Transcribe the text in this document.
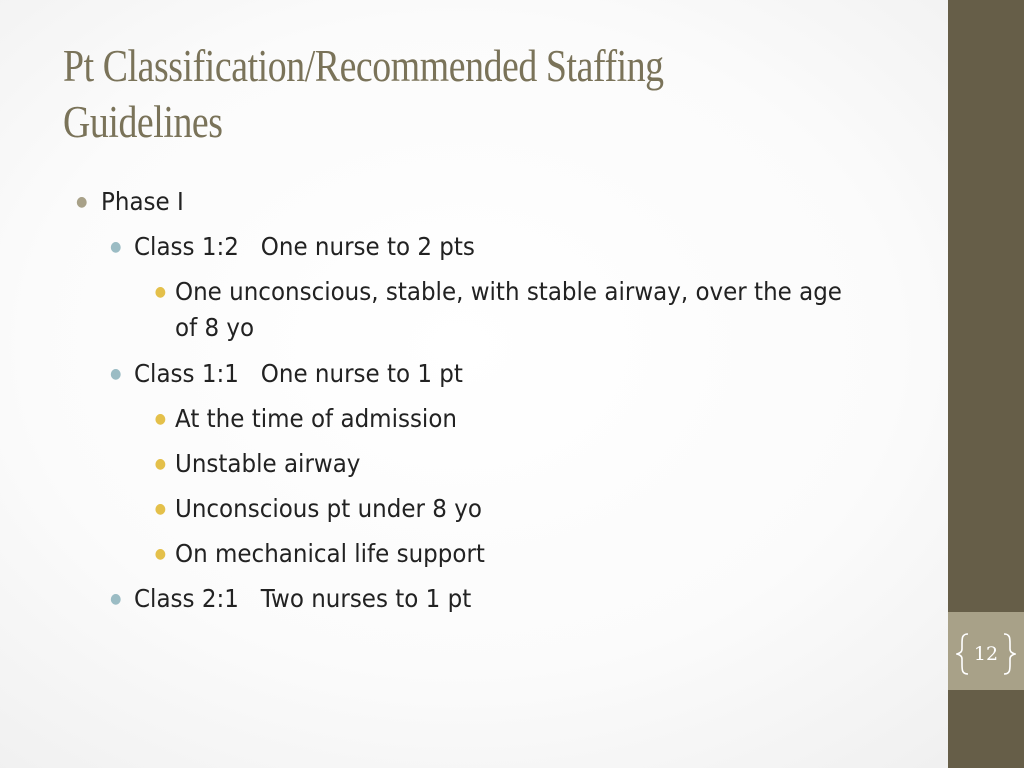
Pt Classification/Recommended Staffing Guidelines
● Phase I
● Class 1:2   One nurse to 2 pts
● One unconscious, stable, with stable airway, over the age of 8 yo
● Class 1:1   One nurse to 1 pt
● At the time of admission
● Unstable airway
● Unconscious pt under 8 yo
● On mechanical life support
● Class 2:1   Two nurses to 1 pt
12
